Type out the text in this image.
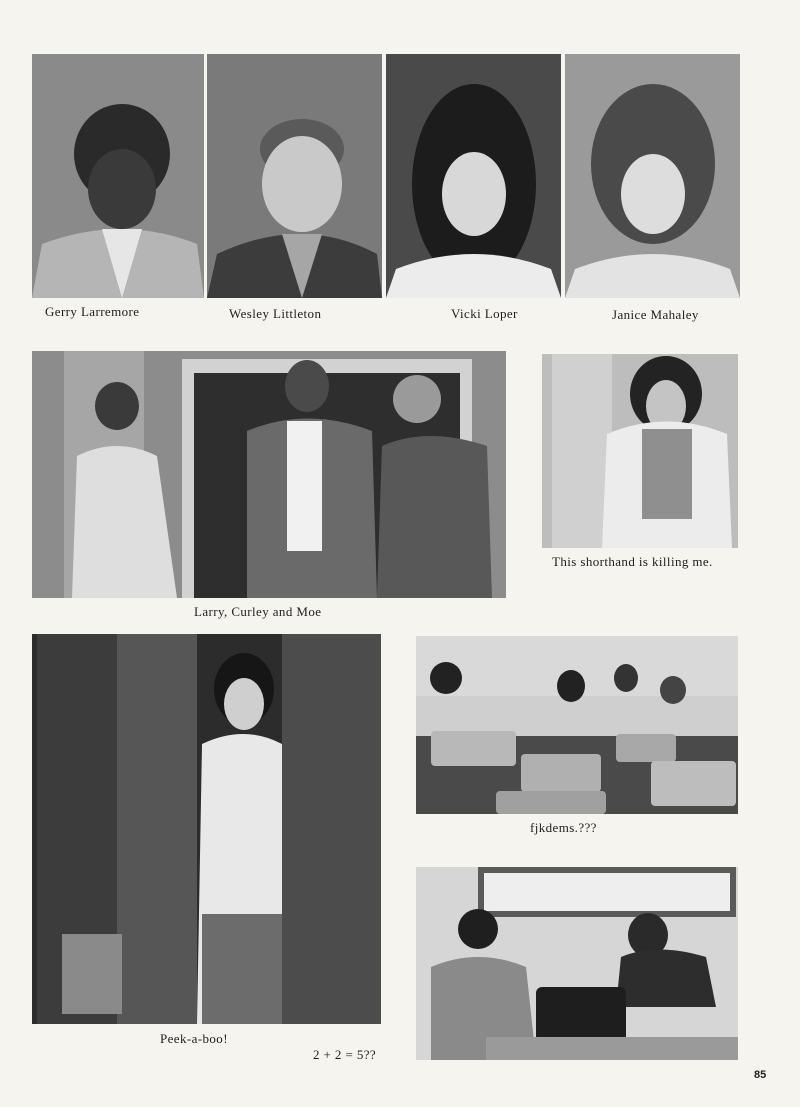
Gerry Larremore	Wesley Littleton	Vicki Loper	Janice Mahaley
Larry, Curley and Moe
This shorthand is killing me.
Peek-a-boo!
2 + 2 = 5??
fjkdems.???
85
